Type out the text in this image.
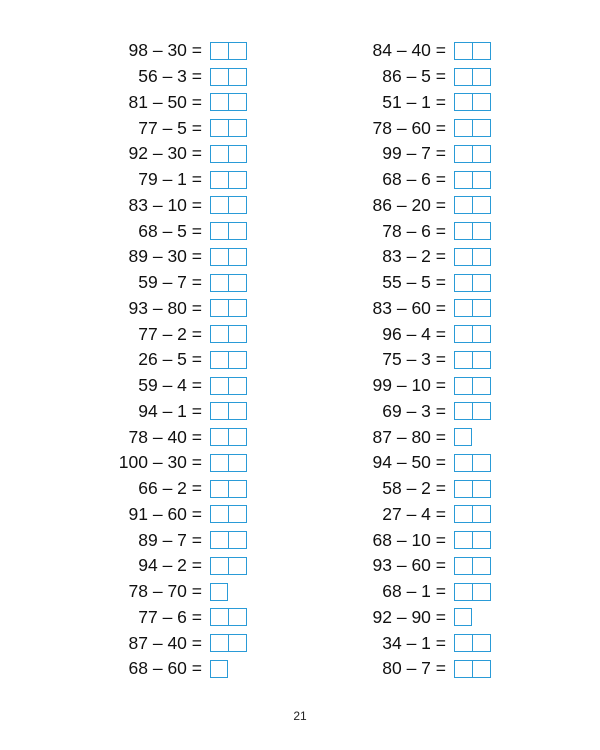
98 – 30 =
56 – 3 =
81 – 50 =
77 – 5 =
92 – 30 =
79 – 1 =
83 – 10 =
68 – 5 =
89 – 30 =
59 – 7 =
93 – 80 =
77 – 2 =
26 – 5 =
59 – 4 =
94 – 1 =
78 – 40 =
100 – 30 =
66 – 2 =
91 – 60 =
89 – 7 =
94 – 2 =
78 – 70 =
77 – 6 =
87 – 40 =
68 – 60 =
84 – 40 =
86 – 5 =
51 – 1 =
78 – 60 =
99 – 7 =
68 – 6 =
86 – 20 =
78 – 6 =
83 – 2 =
55 – 5 =
83 – 60 =
96 – 4 =
75 – 3 =
99 – 10 =
69 – 3 =
87 – 80 =
94 – 50 =
58 – 2 =
27 – 4 =
68 – 10 =
93 – 60 =
68 – 1 =
92 – 90 =
34 – 1 =
80 – 7 =
21
